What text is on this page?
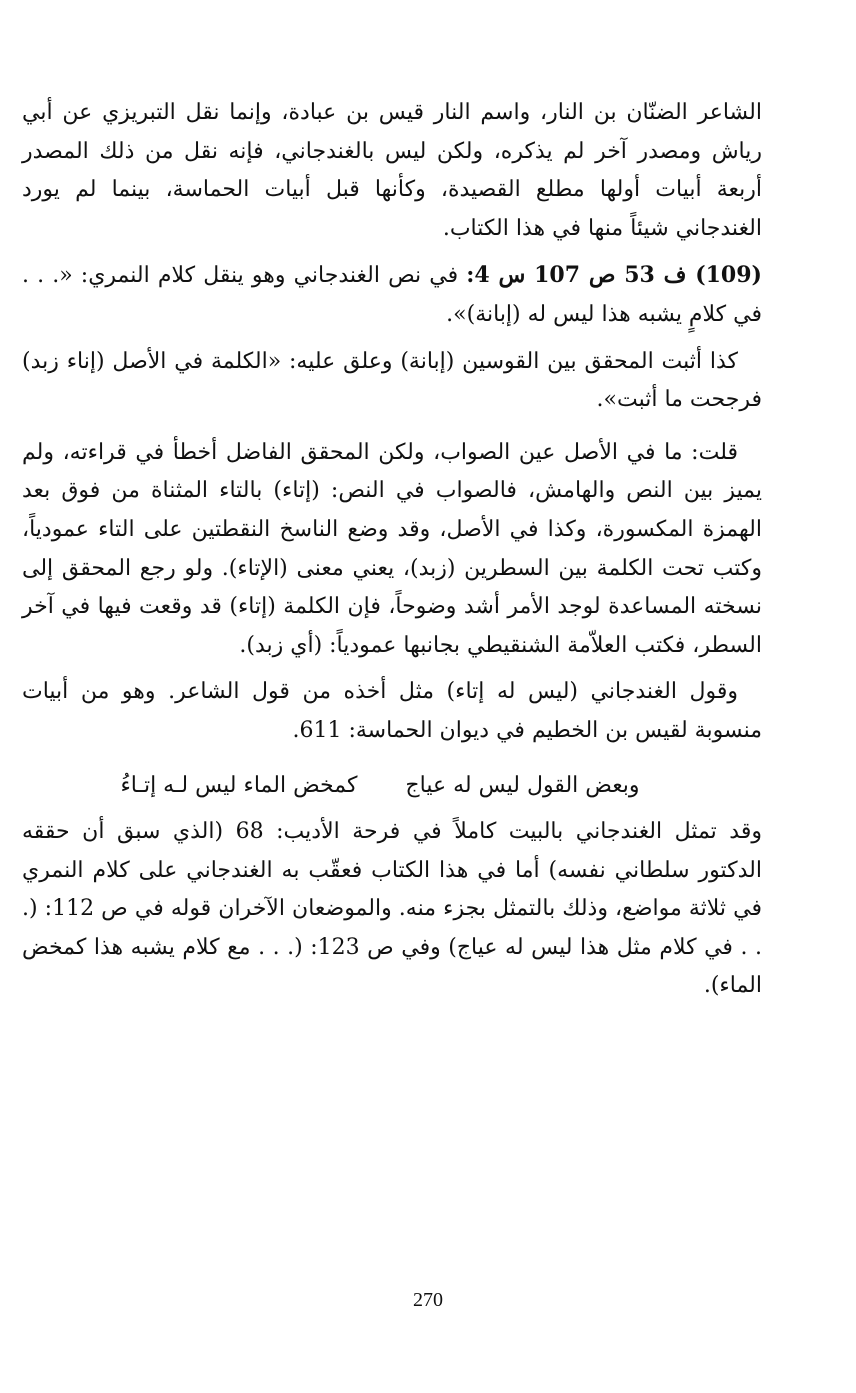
الشاعر الضنّان بن النار، واسم النار قيس بن عبادة، وإنما نقل التبريزي عن أبي رياش ومصدر آخر لم يذكره، ولكن ليس بالغندجاني، فإنه نقل من ذلك المصدر أربعة أبيات أولها مطلع القصيدة، وكأنها قبل أبيات الحماسة، بينما لم يورد الغندجاني شيئاً منها في هذا الكتاب.

(109) ف 53 ص 107 س 4: في نص الغندجاني وهو ينقل كلام النمري: «. . . في كلامٍ يشبه هذا ليس له (إبانة)».

كذا أثبت المحقق بين القوسين (إبانة) وعلق عليه: «الكلمة في الأصل (إناء زبد) فرجحت ما أثبت».

قلت: ما في الأصل عين الصواب، ولكن المحقق الفاضل أخطأ في قراءته، ولم يميز بين النص والهامش، فالصواب في النص: (إتاء) بالتاء المثناة من فوق بعد الهمزة المكسورة، وكذا في الأصل، وقد وضع الناسخ النقطتين على التاء عمودياً، وكتب تحت الكلمة بين السطرين (زبد)، يعني معنى (الإتاء). ولو رجع المحقق إلى نسخته المساعدة لوجد الأمر أشد وضوحاً، فإن الكلمة (إتاء) قد وقعت فيها في آخر السطر، فكتب العلاّمة الشنقيطي بجانبها عمودياً: (أي زبد).

وقول الغندجاني (ليس له إتاء) مثل أخذه من قول الشاعر. وهو من أبيات منسوبة لقيس بن الخطيم في ديوان الحماسة: 611.

وبعض القول ليس له عياج
كمخض الماء ليس لـه إتـاءُ

وقد تمثل الغندجاني بالبيت كاملاً في فرحة الأديب: 68 (الذي سبق أن حققه الدكتور سلطاني نفسه) أما في هذا الكتاب فعقّب به الغندجاني على كلام النمري في ثلاثة مواضع، وذلك بالتمثل بجزء منه. والموضعان الآخران قوله في ص 112: (. . . في كلام مثل هذا ليس له عياج) وفي ص 123: (. . . مع كلام يشبه هذا كمخض الماء).

270
